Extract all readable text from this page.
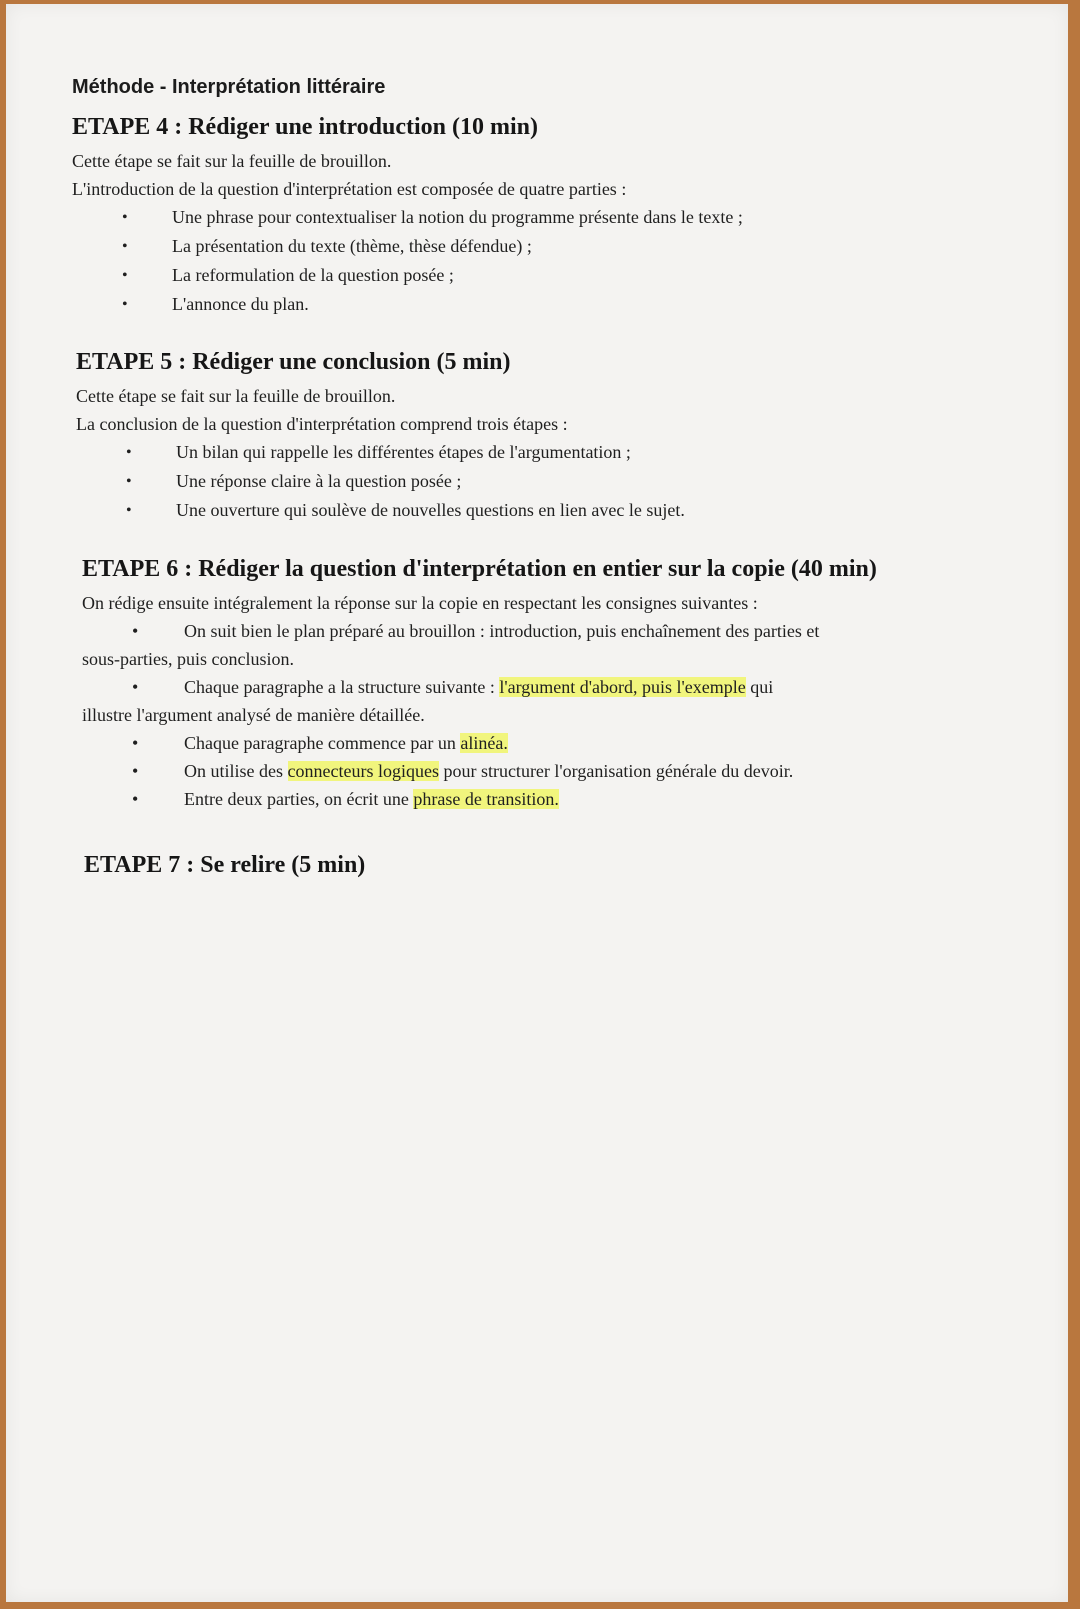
Méthode - Interprétation littéraire
ETAPE 4 : Rédiger une introduction (10 min)

Cette étape se fait sur la feuille de brouillon.

L'introduction de la question d'interprétation est composée de quatre parties :

• Une phrase pour contextualiser la notion du programme présente dans le texte ;
• La présentation du texte (thème, thèse défendue) ;
• La reformulation de la question posée ;
• L'annonce du plan.
ETAPE 5 : Rédiger une conclusion (5 min)

Cette étape se fait sur la feuille de brouillon.

La conclusion de la question d'interprétation comprend trois étapes :

• Un bilan qui rappelle les différentes étapes de l'argumentation ;
• Une réponse claire à la question posée ;
• Une ouverture qui soulève de nouvelles questions en lien avec le sujet.
ETAPE 6 : Rédiger la question d'interprétation en entier sur la copie (40 min)

On rédige ensuite intégralement la réponse sur la copie en respectant les consignes suivantes :

•	On suit bien le plan préparé au brouillon : introduction, puis enchaînement des parties et

sous-parties, puis conclusion.

•	Chaque paragraphe a la structure suivante : l'argument d'abord, puis l'exemple qui

illustre l'argument analysé de manière détaillée.

•	Chaque paragraphe commence par un alinéa.

•	On utilise des connecteurs logiques pour structurer l'organisation générale du devoir.

•	Entre deux parties, on écrit une phrase de transition.

ETAPE 7 : Se relire (5 min)
